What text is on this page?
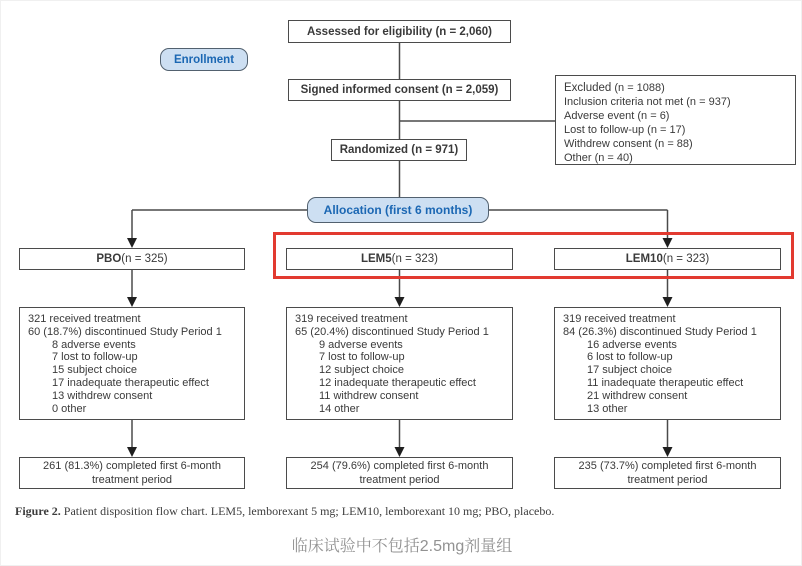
Enrollment
Assessed for eligibility (n = 2,060)
Signed informed consent (n = 2,059)	Excluded (n = 1088)
Inclusion criteria not met (n = 937)
Adverse event (n = 6)
Lost to follow-up (n = 17)
Withdrew consent (n = 88)
Other (n = 40)
Randomized (n = 971)
Allocation (first 6 months)
PBO (n = 325)	LEM5 (n = 323)	LEM10 (n = 323)
321 received treatment
60 (18.7%) discontinued Study Period 1
8 adverse events
7 lost to follow-up
15 subject choice
17 inadequate therapeutic effect
13 withdrew consent
0 other
319 received treatment
65 (20.4%) discontinued Study Period 1
9 adverse events
7 lost to follow-up
12 subject choice
12 inadequate therapeutic effect
11 withdrew consent
14 other
319 received treatment
84 (26.3%) discontinued Study Period 1
16 adverse events
6 lost to follow-up
17 subject choice
11 inadequate therapeutic effect
21 withdrew consent
13 other
261 (81.3%) completed first 6-month treatment period
254 (79.6%) completed first 6-month treatment period
235 (73.7%) completed first 6-month treatment period
Figure 2. Patient disposition flow chart. LEM5, lemborexant 5 mg; LEM10, lemborexant 10 mg; PBO, placebo.
临床试验中不包括2.5mg剂量组
